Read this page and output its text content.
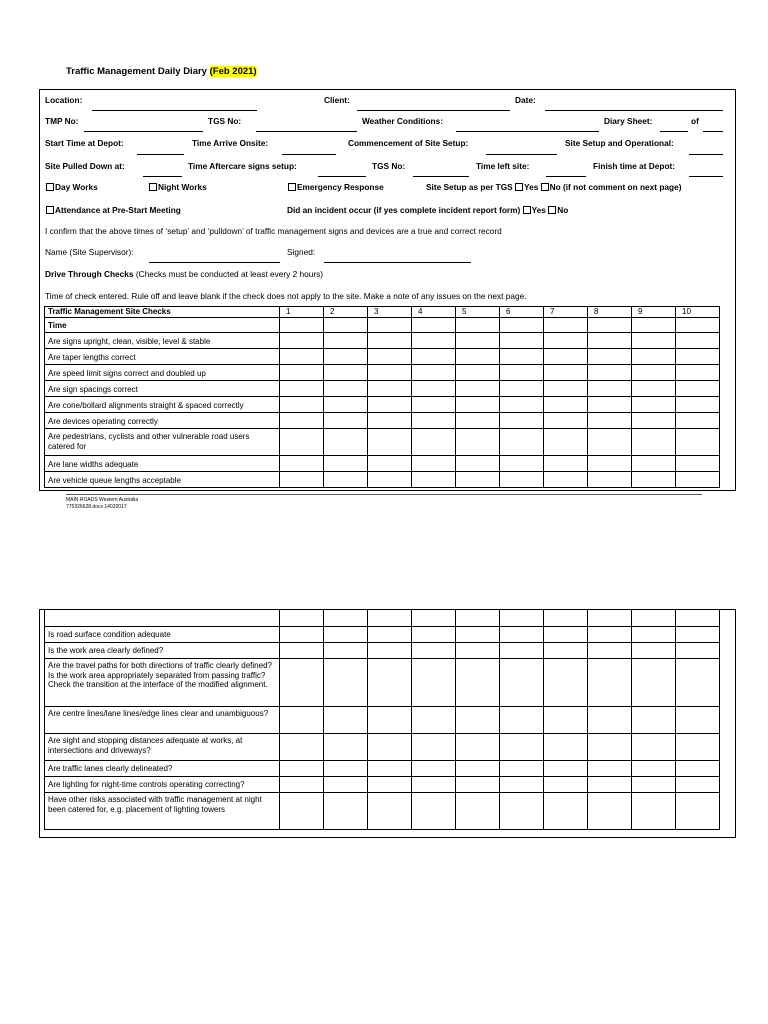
Traffic Management Daily Diary (Feb 2021)
Location:	Client:	Date:
TMP No:	TGS No:	Weather Conditions:	Diary Sheet:	of
Start Time at Depot:	Time Arrive Onsite:	Commencement of Site Setup:	Site Setup and Operational:
Site Pulled Down at:	Time Aftercare signs setup:	TGS No:	Time left site:	Finish time at Depot:
Day Works	Night Works	Emergency Response	Site Setup as per TGS Yes No (if not comment on next page)
Attendance at Pre-Start Meeting	Did an incident occur (if yes complete incident report form) Yes No
I confirm that the above times of ‘setup’ and ‘pulldown’ of traffic management signs and devices are a true and correct record
Name (Site Supervisor):	Signed:
Drive Through Checks (Checks must be conducted at least every 2 hours)
Time of check entered. Rule off and leave blank if the check does not apply to the site. Make a note of any issues on the next page.
Traffic Management Site Checks	1	2	3	4	5	6	7	8	9	10
Time										
Are signs upright, clean, visible, level & stable										
Are taper lengths correct										
Are speed limit signs correct and doubled up										
Are sign spacings correct										
Are cone/bollard alignments straight & spaced correctly										
Are devices operating correctly										
Are pedestrians, cyclists and other vulnerable road users catered for										
Are lane widths adequate										
Are vehicle queue lengths acceptable										
MAIN ROADS Western Australia
775326628.docx 14032017

Is road surface condition adequate										
Is the work area clearly defined?										
Are the travel paths for both directions of traffic clearly defined? Is the work area appropriately separated from passing traffic? Check the transition at the interface of the modified alignment.										
Are centre lines/lane lines/edge lines clear and unambiguous?										
Are sight and stopping distances adequate at works, at intersections and driveways?										
Are traffic lanes clearly delineated?										
Are lighting for night-time controls operating correcting?										
Have other risks associated with traffic management at night been catered for, e.g. placement of lighting towers										
